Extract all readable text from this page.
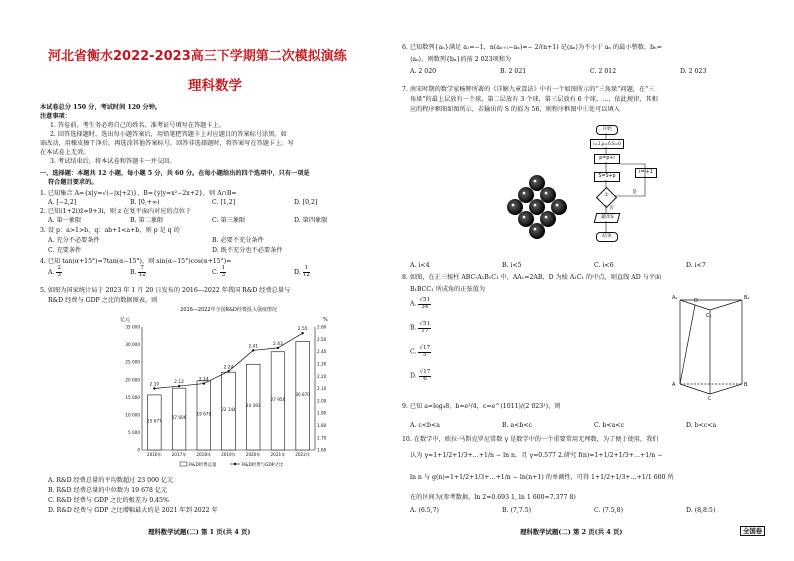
河北省衡水2022-2023高三下学期第二次模拟演练
理科数学
本试卷总分 150 分，考试时间 120 分钟。
注意事项：
1. 答卷前，考生务必将自己的姓名、准考证号填写在答题卡上。
2. 回答选择题时，选出每小题答案后，用铅笔把答题卡上对应题目的答案标号涂黑。如
需改动，用橡皮擦干净后，再选涂其他答案标号。回答非选择题时，将答案写在答题卡上。写
在本试卷上无效。
3. 考试结束后，将本试卷和答题卡一并交回。
一、选择题：本题共 12 小题，每小题 5 分，共 60 分。在每小题给出的四个选项中，只有一项是
符合题目要求的。
1. 已知集合 A={x|y=√(−|x|+2)}，B={y|y=x²−2x+2}，则 A∩B=
A. [−2,2]	B. [0,+∞)	C. [1,2]	D. [0,2]
2. 已知(1+2i)z̄=9+3i，则 z 在复平面内对应的点位于
A. 第一象限	B. 第二象限	C. 第三象限	D. 第四象限
3. 设 p：a>1>b，q：ab+1<a+b，则 p 是 q 的
A. 充分不必要条件	B. 必要不充分条件
C. 充要条件	D. 既不充分也不必要条件
4. 已知 tan(α+15°)=7tan(α−15°)，则 sin(α−15°)cos(α+15°)=
A. $\frac{2}{3}$	B. $\frac{7}{12}$	C. $\frac{1}{3}$	D. $\frac{1}{12}$
5. 如图为国家统计局于 2023 年 1 月 20 日发布的 2016—2022 年我国 R&D 经费总量与
R&D 经费与 GDP 之比的数据图表，则
2016—2022年全国R&D经费投入强度情况
亿元	%
35 000
30 000
25 000
20 000
15 000
10 000
5 000
0
2.60
2.50
2.40
2.30
2.20
2.10
2.00
1.90
1.80
1.70
1.60
15 677
2016年
17 606
2017年
19 678
2018年
22 144
2019年
24 393
2020年
27 956
2021年
30 870
2022年
2.10	2.12	2.14
2.24
2.41	2.43
2.55
R&D经费总量	R&D经费与GDP之比
A. R&D 经费总量的平均数超过 23 000 亿元
B. R&D 经费总量的中位数为 19 678 亿元
C. R&D 经费与 GDP 之比的极差为 0.45%
D. R&D 经费与 GDP 之比增幅最大的是 2021 年到 2022 年
理科数学试题(二) 第 1 页(共 4 页)
6. 已知数列{aₙ}满足 a₁=−1，n(aₙ₊₁−aₙ)=− 2/(n+1) 记⟨aₙ⟩为不小于 aₙ 的最小整数，bₙ=
⟨aₙ⟩，则数列{bₙ}的前 2 023项和为
A. 2 020	B. 2 021	C. 2 012	D. 2 023
7. 南宋时期的数学家杨辉所著的《详解九章算法》中有一个如图所示的“三角垛”问题，在“三
角垛”的最上层放有一个球，第二层放有 3 个球，第三层放有 6 个球，…，依此规律，其相
应的程序框图如图所示，若输出的 S 的值为 56，则程序框图中①处可以填入
开始
i=1,p=0,S=0
p=p+i
S=S+p
①
是
否
i=i+1
输出S
结束
A. i<4	B. i<5	C. i<6	D. i<7
8. 如图，在正三棱柱 ABC-A₁B₁C₁ 中，AA₁=2AB，D 为棱 A₁C₁ 的中点，则直线 AD 与平面
B₁BCC₁ 所成角的正弦值为
A. $\frac{√51}{34}$
B. $\frac{√51}{17}$
C. $\frac{√17}{5}$
D. $\frac{√17}{6}$
A₁	B₁
C₁
D
A	B
C
9. 已知 a=log₈8，b=e²/4，c=e^(1011)/(2 023¹)，则
A. c<b<a	B. a<b<c	C. b<a<c	D. b<c<a
10. 在数学中，欧拉·马斯克罗尼常数 γ 是数学中的一个重要常用无理数，为了便于使用，我们
认为 γ≈1+1/2+1/3+…+1/n − ln n，且 γ≈0.577 2.研究 f(n)=1+1/2+1/3+…+1/n −
ln n 与 g(n)=1+1/2+1/3+…+1/n − ln(n+1) 的单调性，可得 1+1/2+1/3+…+1/1 600 所
在的区间为(参考数据，ln 2≈0.693 1, ln 1 600≈7.377 8)
A. (6.5,7)	B. (7,7.5)	C. (7.5,8)	D. (8,8.5)
理科数学试题(二) 第 2 页(共 4 页)	全国卷
